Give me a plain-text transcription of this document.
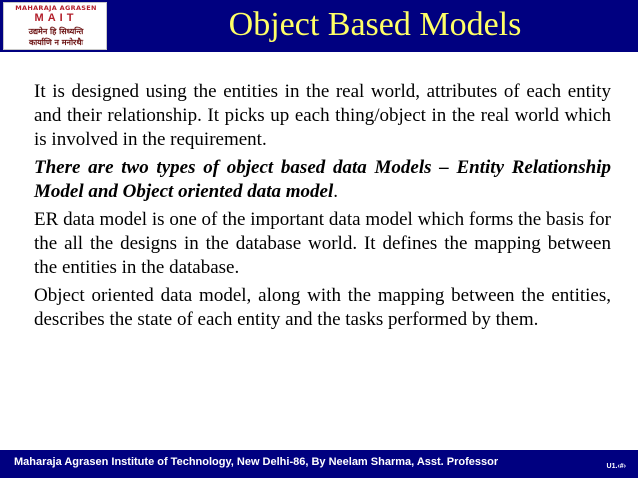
MAHARAJA AGRASEN
MAIT
उद्यमेन हि सिध्यन्ति
कार्याणि न मनोरथैः	Object Based Models

It is designed using the entities in the real world, attributes of each entity and their relationship. It picks up each thing/object in the real world which is involved in the requirement.

There are two types of object based data Models – Entity Relationship Model and Object oriented data model.

ER data model is one of the important data model which forms the basis for the all the designs in the database world. It defines the mapping between the entities in the database.

Object oriented data model, along with the mapping between the entities, describes the state of each entity and the tasks performed by them.

Maharaja Agrasen Institute of Technology, New Delhi-86, By Neelam Sharma, Asst. Professor	U1.‹#›
